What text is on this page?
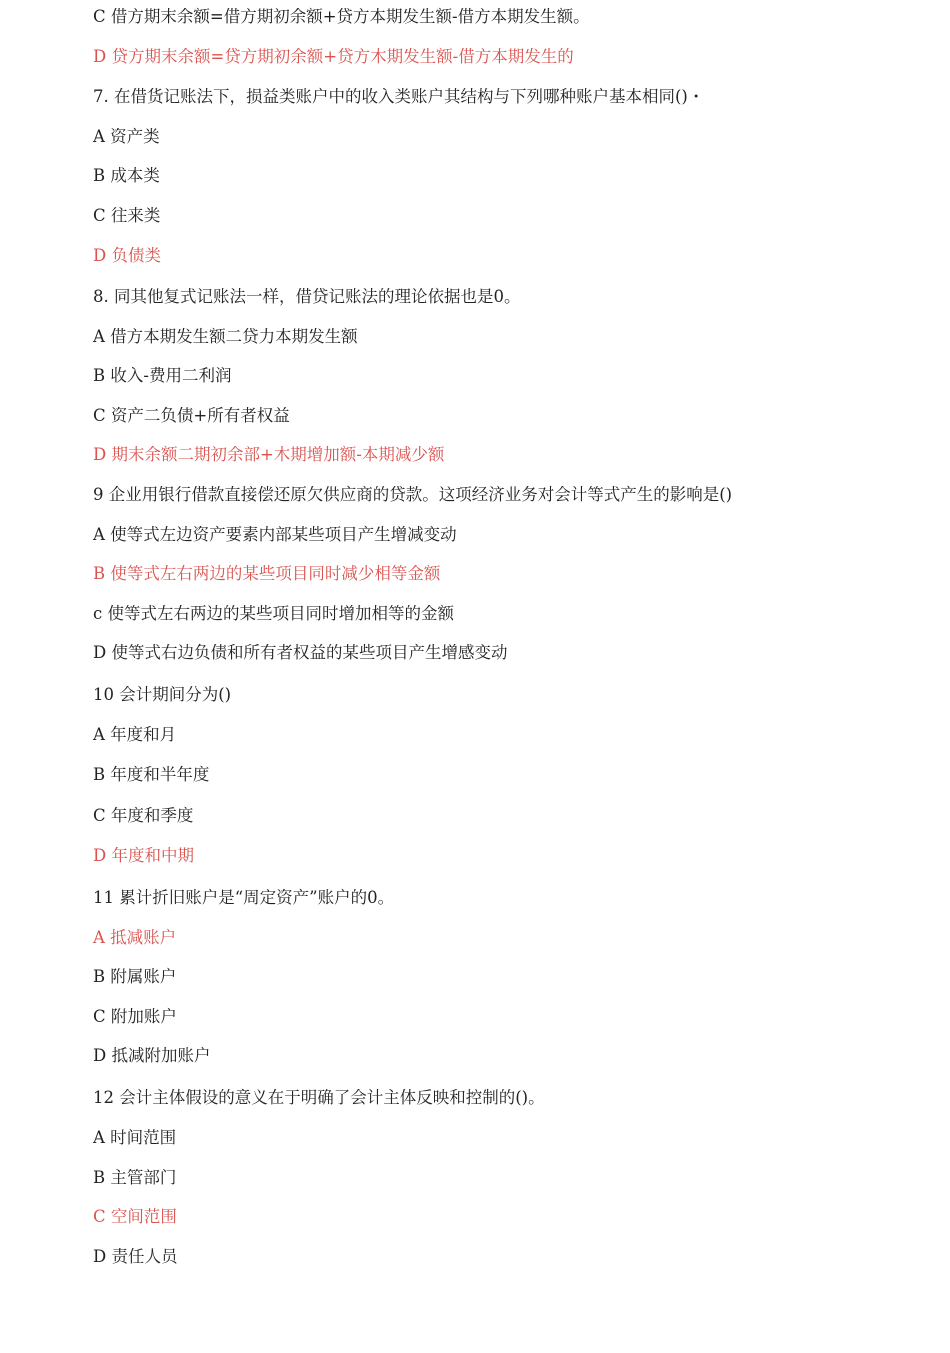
C 借方期末余额=借方期初余额+贷方本期发生额-借方本期发生额。
D 贷方期末余额=贷方期初余额+贷方木期发生额-借方本期发生的
7. 在借货记账法下，损益类账户中的收入类账户其结构与下列哪种账户基本相同()・
A 资产类
B 成本类
C 往来类
D 负债类
8. 同其他复式记账法一样，借贷记账法的理论依据也是0。
A 借方本期发生额二贷力本期发生额
B 收入-费用二利润
C 资产二负债+所有者权益
D 期末余额二期初余部+木期增加额-本期减少额
9 企业用银行借款直接偿还原欠供应商的贷款。这项经济业务对会计等式产生的影响是()
A 使等式左边资产要素内部某些项目产生增减变动
B 使等式左右两边的某些项目同时减少相等金额
c 使等式左右两边的某些项目同时增加相等的金额
D 使等式右边负债和所有者权益的某些项目产生增感变动
10 会计期间分为()
A 年度和月
B 年度和半年度
C 年度和季度
D 年度和中期
11 累计折旧账户是“周定资产”账户的0。
A 抵减账户
B 附属账户
C 附加账户
D 抵减附加账户
12 会计主体假设的意义在于明确了会计主体反映和控制的()。
A 时间范围
B 主管部门
C 空间范围
D 责任人员
